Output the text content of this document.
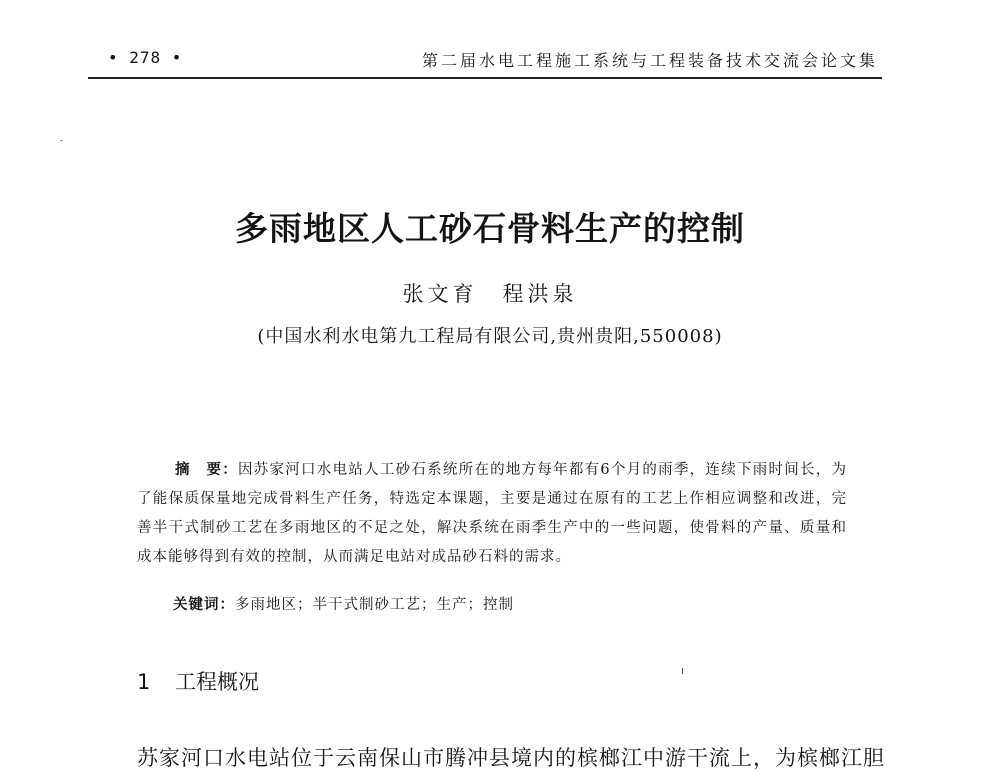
• 278 •	第二届水电工程施工系统与工程装备技术交流会论文集
多雨地区人工砂石骨料生产的控制
张文育　程洪泉
(中国水利水电第九工程局有限公司,贵州贵阳,550008)

摘　要：因苏家河口水电站人工砂石系统所在的地方每年都有6个月的雨季，连续下雨时间长，为了能保质保量地完成骨料生产任务，特选定本课题，主要是通过在原有的工艺上作相应调整和改进，完善半干式制砂工艺在多雨地区的不足之处，解决系统在雨季生产中的一些问题，使骨料的产量、质量和成本能够得到有效的控制，从而满足电站对成品砂石料的需求。

关键词：多雨地区；半干式制砂工艺；生产；控制
1 工程概况
苏家河口水电站位于云南保山市腾冲县境内的槟榔江中游干流上，为槟榔江胆
